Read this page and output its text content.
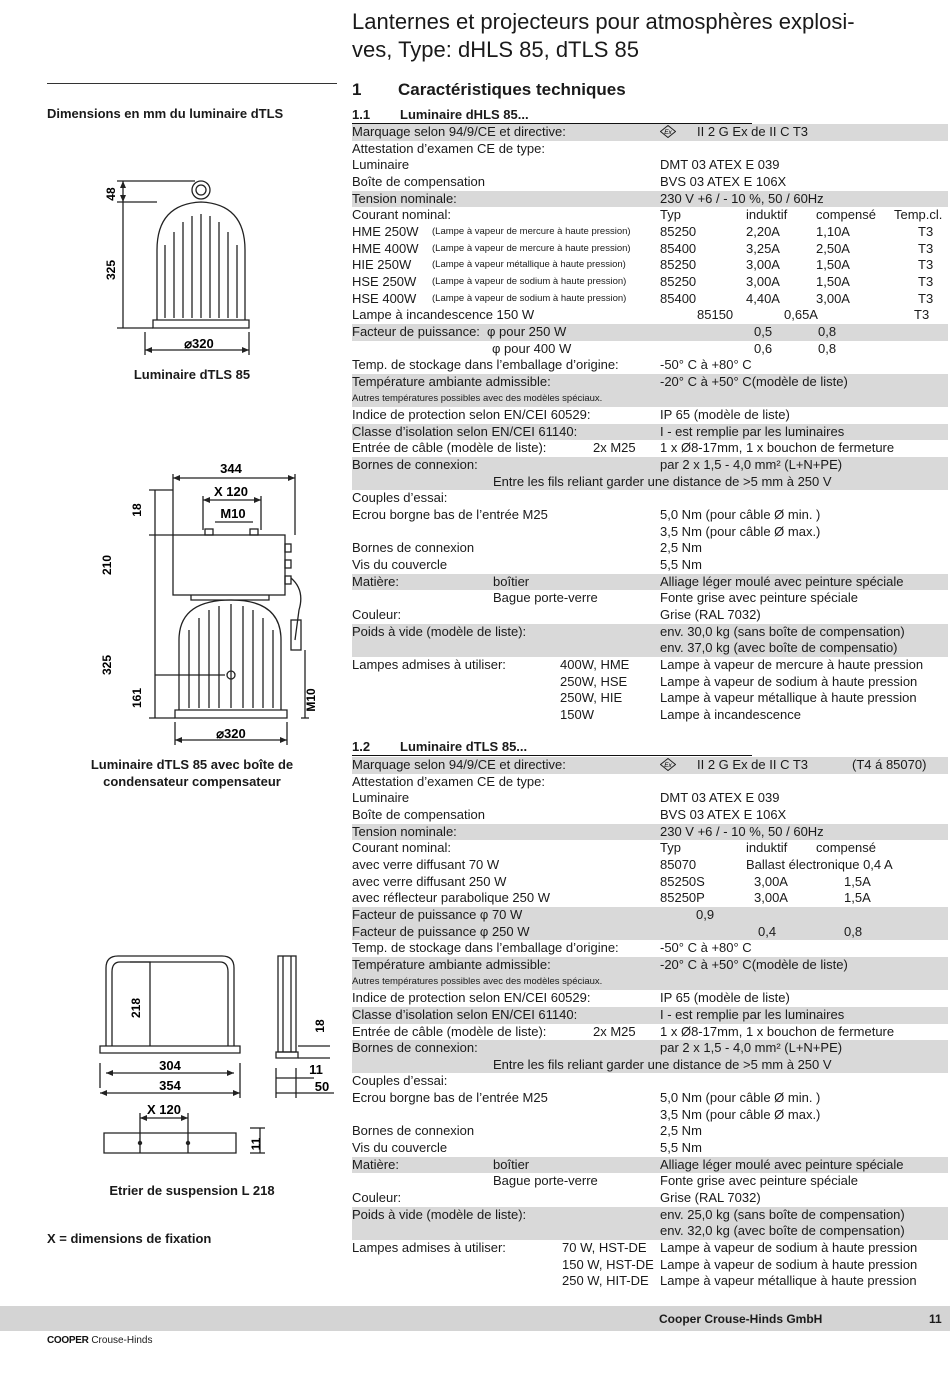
Lanternes et projecteurs pour atmosphères explosi-
ves, Type: dHLS 85, dTLS 85
Dimensions en mm du luminaire dTLS
48
325
⌀320
Luminaire dTLS 85
344
X 120
M10
18
210
325
161	M10
⌀320
Luminaire dTLS 85 avec boîte de
condensateur compensateur
218
304
354
18
11
50
X 120
11
Etrier de suspension L 218
X = dimensions de fixation
1 Caractéristiques techniques
1.1 Luminaire dHLS 85...
Marquage selon 94/9/CE et directive:	Ex II 2 G Ex de II C T3
Attestation d’examen CE de type:
Luminaire	DMT 03 ATEX E 039
Boîte de compensation	BVS 03 ATEX E 106X
Tension nominale:	230 V +6 / - 10 %, 50 / 60Hz
Courant nominal:	Typ	induktif compensé Temp.cl.
HME 250W (Lampe à vapeur de mercure à haute pression) 85250	2,20A	1,10A	T3
HME 400W (Lampe à vapeur de mercure à haute pression) 85400	3,25A	2,50A	T3
HIE 250W (Lampe à vapeur métallique à haute pression)	85250	3,00A	1,50A	T3
HSE 250W (Lampe à vapeur de sodium à haute pression)	85250	3,00A	1,50A	T3
HSE 400W (Lampe à vapeur de sodium à haute pression)	85400	4,40A	3,00A	T3
Lampe à incandescence 150 W	85150	0,65A	T3
Facteur de puissance: φ pour 250 W	0,5	0,8
φ pour 400 W	0,6	0,8
Temp. de stockage dans l’emballage d’origine:	-50° C à +80° C
Température ambiante admissible:	-20° C à +50° C(modèle de liste)
Autres températures possibles avec des modèles spéciaux.
Indice de protection selon EN/CEI 60529:	IP 65 (modèle de liste)
Classe d’isolation selon EN/CEI 61140:	I - est remplie par les luminaires
Entrée de câble (modèle de liste):	2x M25 1 x Ø8-17mm, 1 x bouchon de fermeture
Bornes de connexion:	par 2 x 1,5 - 4,0 mm² (L+N+PE)
Entre les fils reliant garder une distance de >5 mm à 250 V
Couples d’essai:
Ecrou borgne bas de l’entrée M25	5,0 Nm (pour câble Ø min. )
3,5 Nm (pour câble Ø max.)
Bornes de connexion	2,5 Nm
Vis du couvercle	5,5 Nm
Matière:	boîtier	Alliage léger moulé avec peinture spéciale
Bague porte-verre	Fonte grise avec peinture spéciale
Couleur:	Grise (RAL 7032)
Poids à vide (modèle de liste):	env. 30,0 kg (sans boîte de compensation)
env. 37,0 kg (avec boîte de compensatio)
Lampes admises à utiliser:	400W, HME Lampe à vapeur de mercure à haute pression
250W, HSE	Lampe à vapeur de sodium à haute pression
250W, HIE	Lampe à vapeur métallique à haute pression
150W	Lampe à incandescence
1.2 Luminaire dTLS 85...
Marquage selon 94/9/CE et directive:	Ex II 2 G Ex de II C T3	(T4 á 85070)
Attestation d’examen CE de type:
Luminaire	DMT 03 ATEX E 039
Boîte de compensation	BVS 03 ATEX E 106X
Tension nominale:	230 V +6 / - 10 %, 50 / 60Hz
Courant nominal:	Typ	induktif compensé
avec verre diffusant 70 W	85070	Ballast électronique 0,4 A
avec verre diffusant 250 W	85250S	3,00A	1,5A
avec réflecteur parabolique 250 W	85250P	3,00A	1,5A
Facteur de puissance φ 70 W	0,9
Facteur de puissance φ 250 W	0,4	0,8
Temp. de stockage dans l’emballage d’origine:	-50° C à +80° C
Température ambiante admissible:	-20° C à +50° C(modèle de liste)
Autres températures possibles avec des modèles spéciaux.
Indice de protection selon EN/CEI 60529:	IP 65 (modèle de liste)
Classe d’isolation selon EN/CEI 61140:	I - est remplie par les luminaires
Entrée de câble (modèle de liste):	2x M25 1 x Ø8-17mm, 1 x bouchon de fermeture
Bornes de connexion:	par 2 x 1,5 - 4,0 mm² (L+N+PE)
Entre les fils reliant garder une distance de >5 mm à 250 V
Couples d’essai:
Ecrou borgne bas de l’entrée M25	5,0 Nm (pour câble Ø min. )
3,5 Nm (pour câble Ø max.)
Bornes de connexion	2,5 Nm
Vis du couvercle	5,5 Nm
Matière:	boîtier	Alliage léger moulé avec peinture spéciale
Bague porte-verre	Fonte grise avec peinture spéciale
Couleur:	Grise (RAL 7032)
Poids à vide (modèle de liste):	env. 25,0 kg (sans boîte de compensation)
env. 32,0 kg (avec boîte de compensation)
Lampes admises à utiliser:	70 W, HST-DE Lampe à vapeur de sodium à haute pression
150 W, HST-DE Lampe à vapeur de sodium à haute pression
250 W, HIT-DE Lampe à vapeur métallique à haute pression
Cooper Crouse-Hinds GmbH	11
COOPER Crouse-Hinds
